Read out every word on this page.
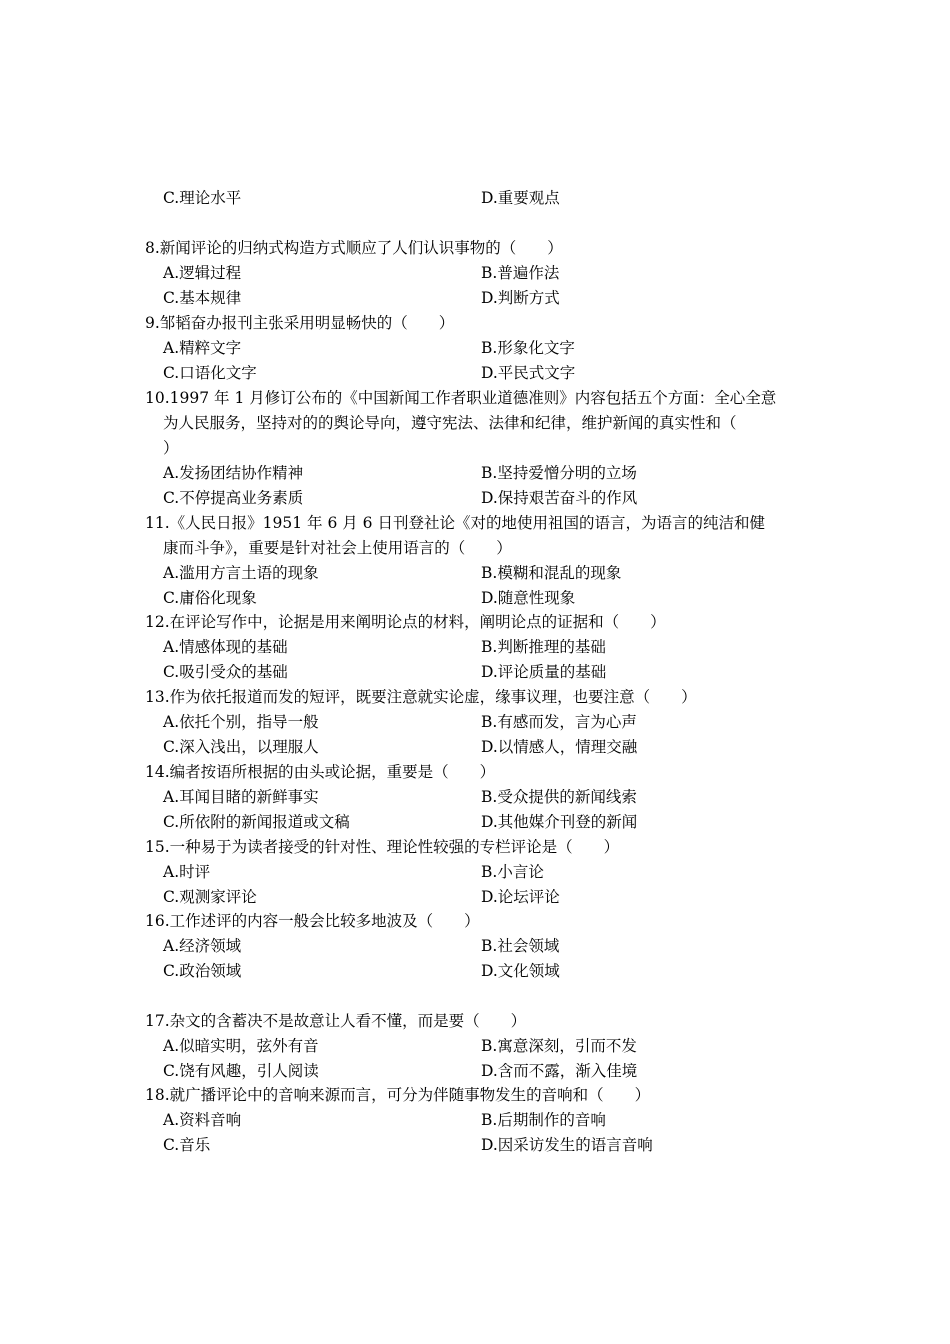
C.理论水平	D.重要观点
8.新闻评论的归纳式构造方式顺应了人们认识事物的（　　）
A.逻辑过程	B.普遍作法
C.基本规律	D.判断方式
9.邹韬奋办报刊主张采用明显畅快的（　　）
A.精粹文字	B.形象化文字
C.口语化文字	D.平民式文字
10.1997 年 1 月修订公布的《中国新闻工作者职业道德准则》内容包括五个方面：全心全意
为人民服务，坚持对的的舆论导向，遵守宪法、法律和纪律，维护新闻的真实性和（
）
A.发扬团结协作精神	B.坚持爱憎分明的立场
C.不停提高业务素质	D.保持艰苦奋斗的作风
11.《人民日报》1951 年 6 月 6 日刊登社论《对的地使用祖国的语言，为语言的纯洁和健
康而斗争》，重要是针对社会上使用语言的（　　）
A.滥用方言土语的现象	B.模糊和混乱的现象
C.庸俗化现象	D.随意性现象
12.在评论写作中，论据是用来阐明论点的材料，阐明论点的证据和（　　）
A.情感体现的基础	B.判断推理的基础
C.吸引受众的基础	D.评论质量的基础
13.作为依托报道而发的短评，既要注意就实论虚，缘事议理，也要注意（　　）
A.依托个别，指导一般	B.有感而发，言为心声
C.深入浅出，以理服人	D.以情感人，情理交融
14.编者按语所根据的由头或论据，重要是（　　）
A.耳闻目睹的新鲜事实	B.受众提供的新闻线索
C.所依附的新闻报道或文稿	D.其他媒介刊登的新闻
15.一种易于为读者接受的针对性、理论性较强的专栏评论是（　　）
A.时评	B.小言论
C.观测家评论	D.论坛评论
16.工作述评的内容一般会比较多地波及（　　）
A.经济领域	B.社会领域
C.政治领域	D.文化领域
17.杂文的含蓄决不是故意让人看不懂，而是要（　　）
A.似暗实明，弦外有音	B.寓意深刻，引而不发
C.饶有风趣，引人阅读	D.含而不露，渐入佳境
18.就广播评论中的音响来源而言，可分为伴随事物发生的音响和（　　）
A.资料音响	B.后期制作的音响
C.音乐	D.因采访发生的语言音响
